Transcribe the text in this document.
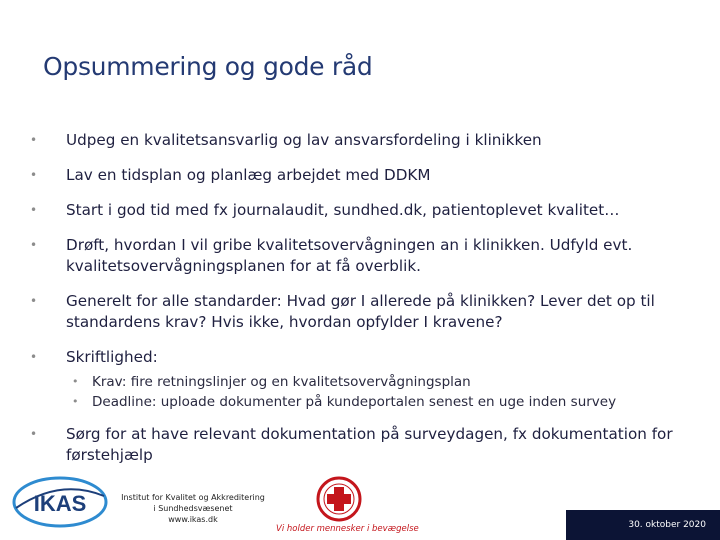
Opsummering og gode råd
•	Udpeg en kvalitetsansvarlig og lav ansvarsfordeling i klinikken
•	Lav en tidsplan og planlæg arbejdet med DDKM
•	Start i god tid med fx journalaudit, sundhed.dk, patientoplevet kvalitet…
•	Drøft, hvordan I vil gribe kvalitetsovervågningen an i klinikken. Udfyld evt. kvalitetsovervågningsplanen for at få overblik.
•	Generelt for alle standarder: Hvad gør I allerede på klinikken? Lever det op til standardens krav? Hvis ikke, hvordan opfylder I kravene?
•	Skriftlighed:
• Krav: fire retningslinjer og en kvalitetsovervågningsplan
• Deadline: uploade dokumenter på kundeportalen senest en uge inden survey
•	Sørg for at have relevant dokumentation på surveydagen, fx dokumentation for førstehjælp
IKAS	Institut for Kvalitet og Akkreditering
i Sundhedsvæsenet
www.ikas.dk
Vi holder mennesker i bevægelse	30. oktober 2020
